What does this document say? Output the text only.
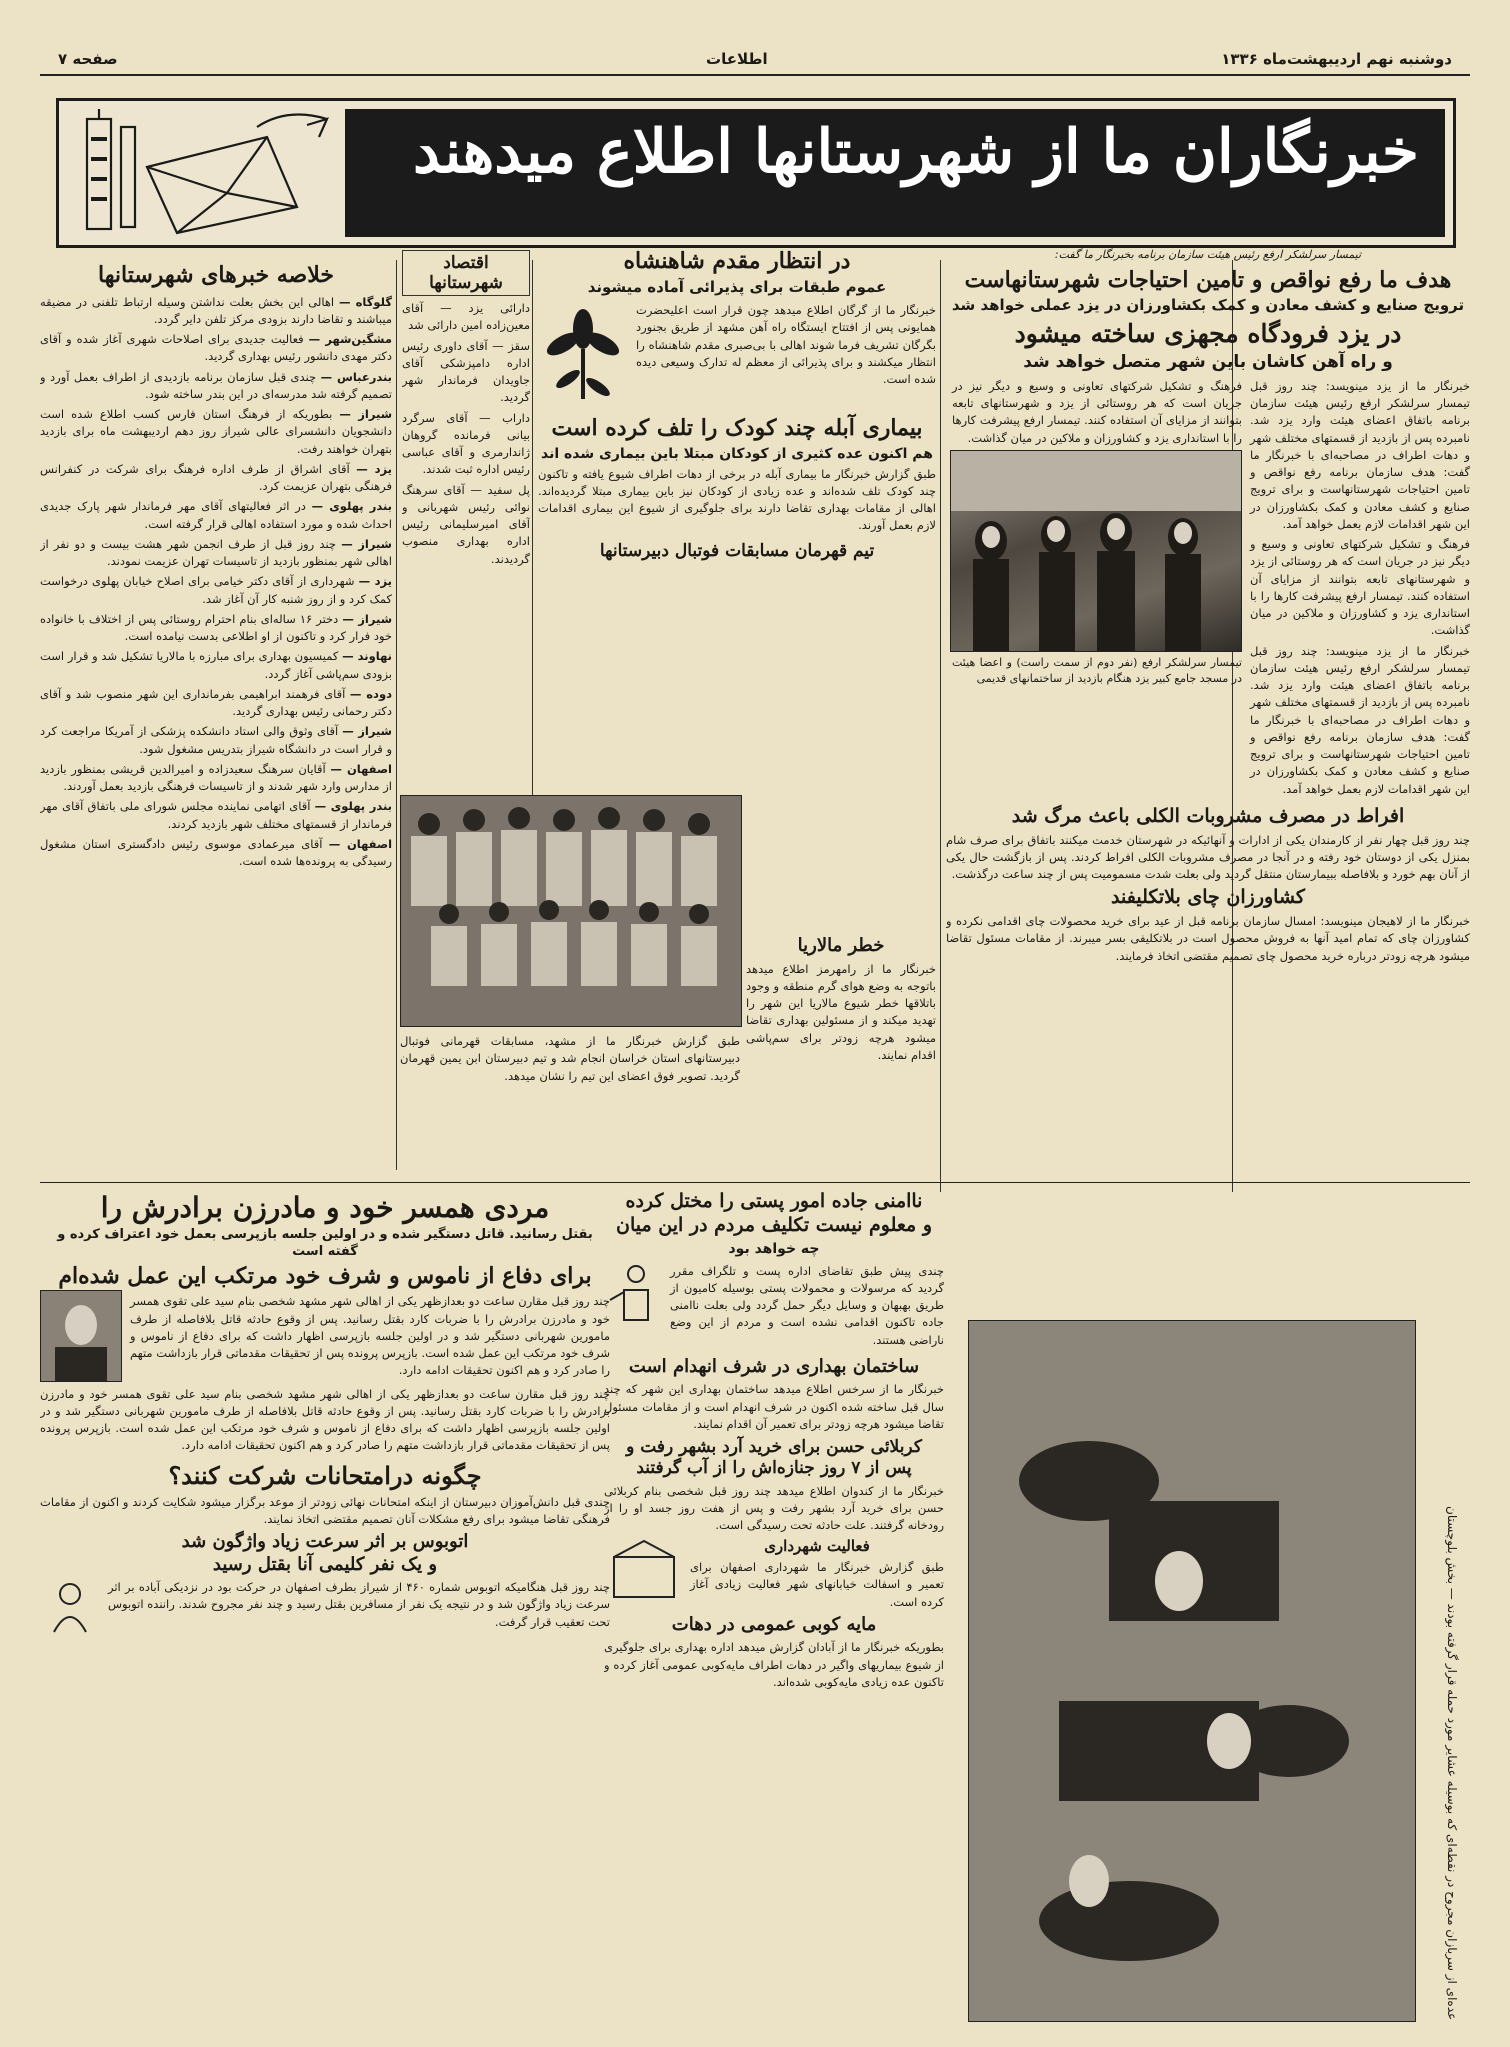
دوشنبه نهم اردیبهشت‌ماه ۱۳۳۶
اطلاعات
صفحه ۷
خبرنگاران ما از شهرستانها اطلاع میدهند

تیمسار سرلشکر ارفع رئیس هیئت سازمان برنامه بخبرنگار ما گفت:

هدف ما رفع نواقص و تامین احتیاجات شهرستانهاست

ترویج صنایع و کشف معادن و کمک بکشاورزان در یزد عملی خواهد شد

در یزد فرودگاه مجهزی ساخته میشود

و راه آهن کاشان باین شهر متصل خواهد شد

خبرنگار ما از یزد مینویسد: چند روز قبل تیمسار سرلشکر ارفع رئیس هیئت سازمان برنامه باتفاق اعضای هیئت وارد یزد شد. نامبرده پس از بازدید از قسمتهای مختلف شهر و دهات اطراف در مصاحبه‌ای با خبرنگار ما گفت: هدف سازمان برنامه رفع نواقص و تامین احتیاجات شهرستانهاست و برای ترویج صنایع و کشف معادن و کمک بکشاورزان در این شهر اقدامات لازم بعمل خواهد آمد.

فرهنگ و تشکیل شرکتهای تعاونی و وسیع و دیگر نیز در جریان است که هر روستائی از یزد و شهرستانهای تابعه بتوانند از مزایای آن استفاده کنند. تیمسار ارفع پیشرفت کارها را با استانداری یزد و کشاورزان و ملاکین در میان گذاشت.

خبرنگار ما از یزد مینویسد: چند روز قبل تیمسار سرلشکر ارفع رئیس هیئت سازمان برنامه باتفاق اعضای هیئت وارد یزد شد. نامبرده پس از بازدید از قسمتهای مختلف شهر و دهات اطراف در مصاحبه‌ای با خبرنگار ما گفت: هدف سازمان برنامه رفع نواقص و تامین احتیاجات شهرستانهاست و برای ترویج صنایع و کشف معادن و کمک بکشاورزان در این شهر اقدامات لازم بعمل خواهد آمد.

فرهنگ و تشکیل شرکتهای تعاونی و وسیع و دیگر نیز در جریان است که هر روستائی از یزد و شهرستانهای تابعه بتوانند از مزایای آن استفاده کنند. تیمسار ارفع پیشرفت کارها را با استانداری یزد و کشاورزان و ملاکین در میان گذاشت.

تیمسار سرلشکر ارفع (نفر دوم از سمت راست) و اعضا هیئت در مسجد جامع کبیر یزد هنگام بازدید از ساختمانهای قدیمی

افراط در مصرف مشروبات الکلی باعث مرگ شد

چند روز قبل چهار نفر از کارمندان یکی از ادارات و آنهائیکه در شهرستان خدمت میکنند باتفاق برای صرف شام بمنزل یکی از دوستان خود رفته و در آنجا در مصرف مشروبات الکلی افراط کردند. پس از بازگشت حال یکی از آنان بهم خورد و بلافاصله ببیمارستان منتقل گردید ولی بعلت شدت مسمومیت پس از چند ساعت درگذشت.

کشاورزان چای بلاتکلیفند

خبرنگار ما از لاهیجان مینویسد: امسال سازمان برنامه قبل از عید برای خرید محصولات چای اقدامی نکرده و کشاورزان چای که تمام امید آنها به فروش محصول است در بلاتکلیفی بسر میبرند. از مقامات مسئول تقاضا میشود هرچه زودتر درباره خرید محصول چای تصمیم مقتضی اتخاذ فرمایند.

در انتظار مقدم شاهنشاه

عموم طبقات برای پذیرائی آماده میشوند

خبرنگار ما از گرگان اطلاع میدهد چون قرار است اعلیحضرت همایونی پس از افتتاح ایستگاه راه آهن مشهد از طریق بجنورد بگرگان تشریف فرما شوند اهالی با بی‌صبری مقدم شاهنشاه را انتظار میکشند و برای پذیرائی از معظم له تدارک وسیعی دیده شده است.

بیماری آبله چند کودک را تلف کرده است

هم اکنون عده کثیری از کودکان مبتلا باین بیماری شده اند

طبق گزارش خبرنگار ما بیماری آبله در برخی از دهات اطراف شیوع یافته و تاکنون چند کودک تلف شده‌اند و عده زیادی از کودکان نیز باین بیماری مبتلا گردیده‌اند. اهالی از مقامات بهداری تقاضا دارند برای جلوگیری از شیوع این بیماری اقدامات لازم بعمل آورند.

تیم قهرمان مسابقات فوتبال دبیرستانها
خطر مالاریا

خبرنگار ما از رامهرمز اطلاع میدهد باتوجه به وضع هوای گرم منطقه و وجود باتلاقها خطر شیوع مالاریا این شهر را تهدید میکند و از مسئولین بهداری تقاضا میشود هرچه زودتر برای سم‌پاشی اقدام نمایند.

طبق گزارش خبرنگار ما از مشهد، مسابقات قهرمانی فوتبال دبیرستانهای استان خراسان انجام شد و تیم دبیرستان ابن یمین قهرمان گردید. تصویر فوق اعضای این تیم را نشان میدهد.

اقتصاد شهرستانها

دارائی یزد — آقای معین‌زاده امین دارائی شد

سقز — آقای داوری رئیس اداره دامپزشکی آقای جاویدان فرماندار شهر گردید.

داراب — آقای سرگرد بیانی فرمانده گروهان ژاندارمری و آقای عباسی رئیس اداره ثبت شدند.

پل سفید — آقای سرهنگ نوائی رئیس شهربانی و آقای امیرسلیمانی رئیس اداره بهداری منصوب گردیدند.

خلاصه خبرهای شهرستانها

گلوگاه — اهالی این بخش بعلت نداشتن وسیله ارتباط تلفنی در مضیقه میباشند و تقاضا دارند بزودی مرکز تلفن دایر گردد.

مشگین‌شهر — فعالیت جدیدی برای اصلاحات شهری آغاز شده و آقای دکتر مهدی دانشور رئیس بهداری گردید.

بندرعباس — چندی قبل سازمان برنامه بازدیدی از اطراف بعمل آورد و تصمیم گرفته شد مدرسه‌ای در این بندر ساخته شود.

شیراز — بطوریکه از فرهنگ استان فارس کسب اطلاع شده است دانشجویان دانشسرای عالی شیراز روز دهم اردیبهشت ماه برای بازدید بتهران خواهند رفت.

یزد — آقای اشراق از طرف اداره فرهنگ برای شرکت در کنفرانس فرهنگی بتهران عزیمت کرد.

بندر پهلوی — در اثر فعالیتهای آقای مهر فرماندار شهر پارک جدیدی احداث شده و مورد استفاده اهالی قرار گرفته است.

شیراز — چند روز قبل از طرف انجمن شهر هشت بیست و دو نفر از اهالی شهر بمنظور بازدید از تاسیسات تهران عزیمت نمودند.

یزد — شهرداری از آقای دکتر خیامی برای اصلاح خیابان پهلوی درخواست کمک کرد و از روز شنبه کار آن آغاز شد.

شیراز — دختر ۱۶ ساله‌ای بنام احترام روستائی پس از اختلاف با خانواده خود فرار کرد و تاکنون از او اطلاعی بدست نیامده است.

نهاوند — کمیسیون بهداری برای مبارزه با مالاریا تشکیل شد و قرار است بزودی سم‌پاشی آغاز گردد.

دوده — آقای فرهمند ابراهیمی بفرمانداری این شهر منصوب شد و آقای دکتر رحمانی رئیس بهداری گردید.

شیراز — آقای وثوق والی استاد دانشکده پزشکی از آمریکا مراجعت کرد و قرار است در دانشگاه شیراز بتدریس مشغول شود.

اصفهان — آقایان سرهنگ سعیدزاده و امیرالدین قریشی بمنظور بازدید از مدارس وارد شهر شدند و از تاسیسات فرهنگی بازدید بعمل آوردند.

بندر پهلوی — آقای اتهامی نماینده مجلس شورای ملی باتفاق آقای مهر فرماندار از قسمتهای مختلف شهر بازدید کردند.

اصفهان — آقای میرعمادی موسوی رئیس دادگستری استان مشغول رسیدگی به پرونده‌ها شده است.

مردی همسر خود و مادرزن برادرش را

بقتل رسانید. قاتل دستگیر شده و در اولین جلسه بازپرسی بعمل خود اعتراف کرده و گفته است

برای دفاع از ناموس و شرف خود مرتکب این عمل شده‌ام

چند روز قبل مقارن ساعت دو بعدازظهر یکی از اهالی شهر مشهد شخصی بنام سید علی تقوی همسر خود و مادرزن برادرش را با ضربات کارد بقتل رسانید. پس از وقوع حادثه قاتل بلافاصله از طرف مامورین شهربانی دستگیر شد و در اولین جلسه بازپرسی اظهار داشت که برای دفاع از ناموس و شرف خود مرتکب این عمل شده است. بازپرس پرونده پس از تحقیقات مقدماتی قرار بازداشت متهم را صادر کرد و هم اکنون تحقیقات ادامه دارد.

چند روز قبل مقارن ساعت دو بعدازظهر یکی از اهالی شهر مشهد شخصی بنام سید علی تقوی همسر خود و مادرزن برادرش را با ضربات کارد بقتل رسانید. پس از وقوع حادثه قاتل بلافاصله از طرف مامورین شهربانی دستگیر شد و در اولین جلسه بازپرسی اظهار داشت که برای دفاع از ناموس و شرف خود مرتکب این عمل شده است. بازپرس پرونده پس از تحقیقات مقدماتی قرار بازداشت متهم را صادر کرد و هم اکنون تحقیقات ادامه دارد.

چگونه درامتحانات شرکت کنند؟

چندی قبل دانش‌آموزان دبیرستان از اینکه امتحانات نهائی زودتر از موعد برگزار میشود شکایت کردند و اکنون از مقامات فرهنگی تقاضا میشود برای رفع مشکلات آنان تصمیم مقتضی اتخاذ نمایند.

اتوبوس بر اثر سرعت زیاد واژگون شد
و یک نفر کلیمی آنا بقتل رسید

چند روز قبل هنگامیکه اتوبوس شماره ۴۶۰ از شیراز بطرف اصفهان در حرکت بود در نزدیکی آباده بر اثر سرعت زیاد واژگون شد و در نتیجه یک نفر از مسافرین بقتل رسید و چند نفر مجروح شدند. راننده اتوبوس تحت تعقیب قرار گرفت.

ناامنی جاده امور پستی را مختل کرده
و معلوم نیست تکلیف مردم در این میان

چه خواهد بود

چندی پیش طبق تقاضای اداره پست و تلگراف مقرر گردید که مرسولات و محمولات پستی بوسیله کامیون از طریق بهبهان و وسایل دیگر حمل گردد ولی بعلت ناامنی جاده تاکنون اقدامی نشده است و مردم از این وضع ناراضی هستند.

ساختمان بهداری در شرف انهدام است

خبرنگار ما از سرخس اطلاع میدهد ساختمان بهداری این شهر که چند سال قبل ساخته شده اکنون در شرف انهدام است و از مقامات مسئول تقاضا میشود هرچه زودتر برای تعمیر آن اقدام نمایند.

کربلائی حسن برای خرید آرد بشهر رفت و
پس از ۷ روز جنازه‌اش را از آب گرفتند

خبرنگار ما از کندوان اطلاع میدهد چند روز قبل شخصی بنام کربلائی حسن برای خرید آرد بشهر رفت و پس از هفت روز جسد او را از رودخانه گرفتند. علت حادثه تحت رسیدگی است.

فعالیت شهرداری

طبق گزارش خبرنگار ما شهرداری اصفهان برای تعمیر و اسفالت خیابانهای شهر فعالیت زیادی آغاز کرده است.

مایه کوبی عمومی در دهات

بطوریکه خبرنگار ما از آبادان گزارش میدهد اداره بهداری برای جلوگیری از شیوع بیماریهای واگیر در دهات اطراف مایه‌کوبی عمومی آغاز کرده و تاکنون عده زیادی مایه‌کوبی شده‌اند.	عده‌ای از سربازان مجروح در نقطه‌ای که بوسیله عشایر مورد حمله قرار گرفته بودند — بخش بلوچستان
